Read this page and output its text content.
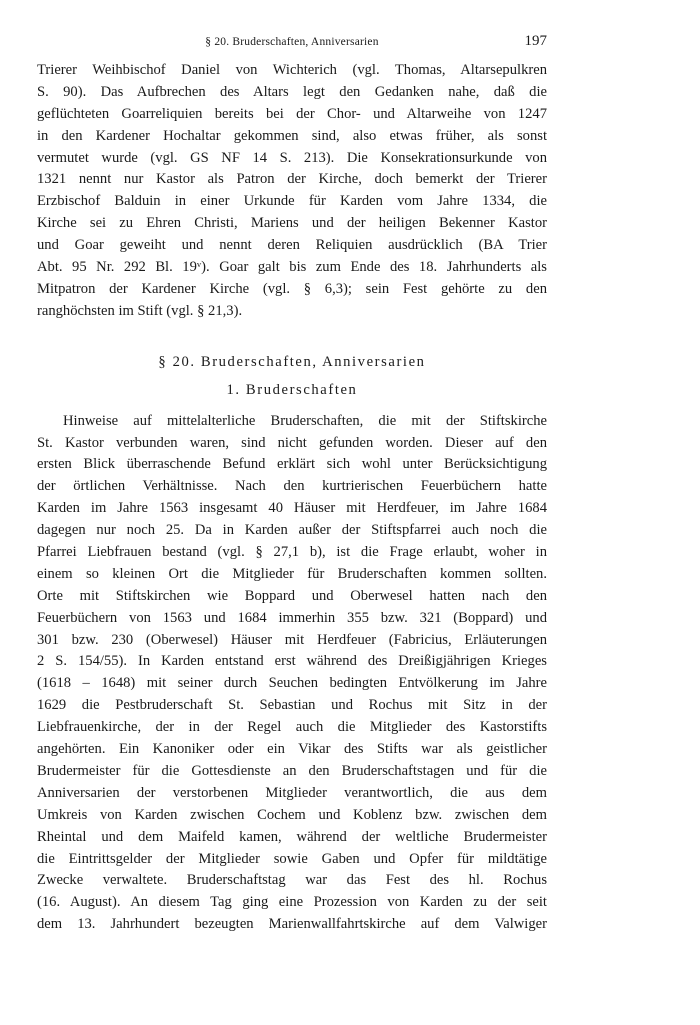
§ 20. Bruderschaften, Anniversarien	197
Trierer Weihbischof Daniel von Wichterich (vgl. Thomas, Altarsepulkren
S. 90). Das Aufbrechen des Altars legt den Gedanken nahe, daß die
geflüchteten Goarreliquien bereits bei der Chor- und Altarweihe von 1247
in den Kardener Hochaltar gekommen sind, also etwas früher, als sonst
vermutet wurde (vgl. GS NF 14 S. 213). Die Konsekrationsurkunde von
1321 nennt nur Kastor als Patron der Kirche, doch bemerkt der Trierer
Erzbischof Balduin in einer Urkunde für Karden vom Jahre 1334, die
Kirche sei zu Ehren Christi, Mariens und der heiligen Bekenner Kastor
und Goar geweiht und nennt deren Reliquien ausdrücklich (BA Trier
Abt. 95 Nr. 292 Bl. 19ᵛ). Goar galt bis zum Ende des 18. Jahrhunderts als
Mitpatron der Kardener Kirche (vgl. § 6,3); sein Fest gehörte zu den
ranghöchsten im Stift (vgl. § 21,3).
§ 20. Bruderschaften, Anniversarien
1. Bruderschaften
Hinweise auf mittelalterliche Bruderschaften, die mit der Stiftskirche
St. Kastor verbunden waren, sind nicht gefunden worden. Dieser auf den
ersten Blick überraschende Befund erklärt sich wohl unter Berücksichtigung
der örtlichen Verhältnisse. Nach den kurtrierischen Feuerbüchern hatte
Karden im Jahre 1563 insgesamt 40 Häuser mit Herdfeuer, im Jahre 1684
dagegen nur noch 25. Da in Karden außer der Stiftspfarrei auch noch die
Pfarrei Liebfrauen bestand (vgl. § 27,1 b), ist die Frage erlaubt, woher in
einem so kleinen Ort die Mitglieder für Bruderschaften kommen sollten.
Orte mit Stiftskirchen wie Boppard und Oberwesel hatten nach den
Feuerbüchern von 1563 und 1684 immerhin 355 bzw. 321 (Boppard) und
301 bzw. 230 (Oberwesel) Häuser mit Herdfeuer (Fabricius, Erläuterungen
2 S. 154/55). In Karden entstand erst während des Dreißigjährigen Krieges
(1618 – 1648) mit seiner durch Seuchen bedingten Entvölkerung im Jahre
1629 die Pestbruderschaft St. Sebastian und Rochus mit Sitz in der
Liebfrauenkirche, der in der Regel auch die Mitglieder des Kastorstifts
angehörten. Ein Kanoniker oder ein Vikar des Stifts war als geistlicher
Brudermeister für die Gottesdienste an den Bruderschaftstagen und für die
Anniversarien der verstorbenen Mitglieder verantwortlich, die aus dem
Umkreis von Karden zwischen Cochem und Koblenz bzw. zwischen dem
Rheintal und dem Maifeld kamen, während der weltliche Brudermeister
die Eintrittsgelder der Mitglieder sowie Gaben und Opfer für mildtätige
Zwecke verwaltete. Bruderschaftstag war das Fest des hl. Rochus
(16. August). An diesem Tag ging eine Prozession von Karden zu der seit
dem 13. Jahrhundert bezeugten Marienwallfahrtskirche auf dem Valwiger
